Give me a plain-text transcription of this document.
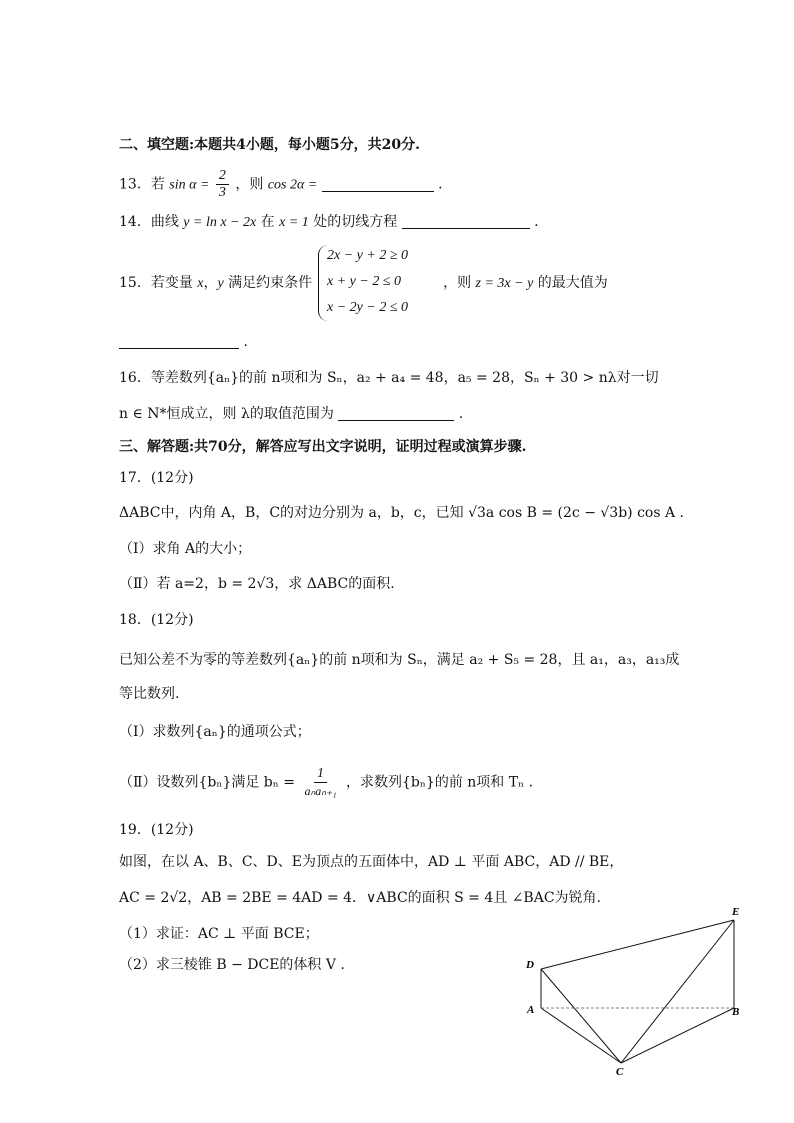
二、填空题:本题共4小题，每小题5分，共20分.
13．若 $\sin \alpha = \frac{2}{3}$ ，则 cos 2α =	.
14．曲线 y = ln x − 2x 在 x = 1 处的切线方程	.
15．若变量 x，y 满足约束条件	，则 z = 3x − y 的最大值为
2x − y + 2 ≥ 0
x + y − 2 ≤ 0
x − 2y − 2 ≤ 0
.
16．等差数列{aₙ}的前 n项和为 Sₙ，a₂ + a₄ = 48，a₅ = 28，Sₙ + 30 > nλ对一切
n ∈ N*恒成立，则 λ的取值范围为	.
三、解答题:共70分，解答应写出文字说明，证明过程或演算步骤.
17．(12分)
ΔABC中，内角 A，B，C的对边分别为 a，b，c，已知 √3a cos B = (2c − √3b) cos A .
（Ⅰ）求角 A的大小；
（Ⅱ）若 a=2，b = 2√3，求 ΔABC的面积.
18．(12分)
已知公差不为零的等差数列{aₙ}的前 n项和为 Sₙ，满足 a₂ + S₅ = 28，且 a₁，a₃，a₁₃成
等比数列.
（Ⅰ）求数列{aₙ}的通项公式；
（Ⅱ）设数列{bₙ}满足 $b_n = \frac{1}{\text{aₙaₙ₊₁}}$ ，求数列{bₙ}的前 n项和 Tₙ .
19．(12分)
如图，在以 A、B、C、D、E为顶点的五面体中，AD ⊥ 平面 ABC，AD // BE，
AC = 2√2，AB = 2BE = 4AD = 4．∨ABC的面积 S = 4且 ∠BAC为锐角.
（1）求证：AC ⊥ 平面 BCE；
（2）求三棱锥 B − DCE的体积 V .
E
D
A	B
C
